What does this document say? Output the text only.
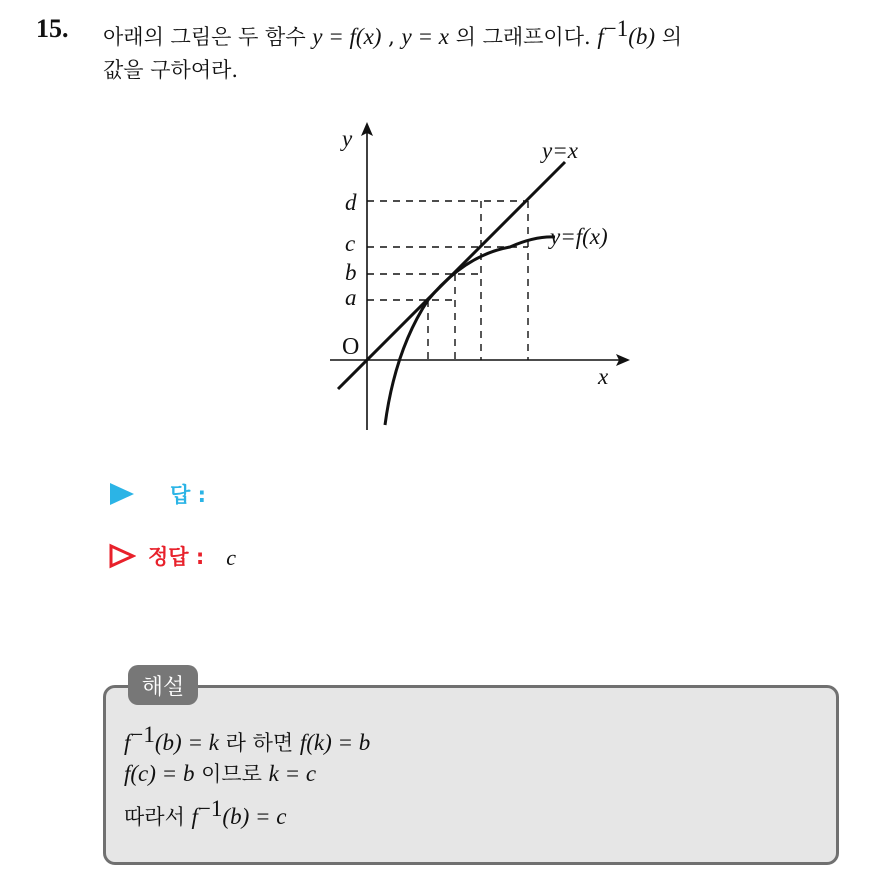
15. 아래의 그림은 두 함수 y = f(x) , y = x 의 그래프이다. $f^{-1}(b)$ 의
값을 구하여라.
y
x
y=x
y=f(x)
d
c
b
a
O
답 :
정답 : c
해설
$f^{-1}(b) = k$ 라 하면 f(k) = b
f(c) = b 이므로 k = c
따라서 $f^{-1}(b) = c$
